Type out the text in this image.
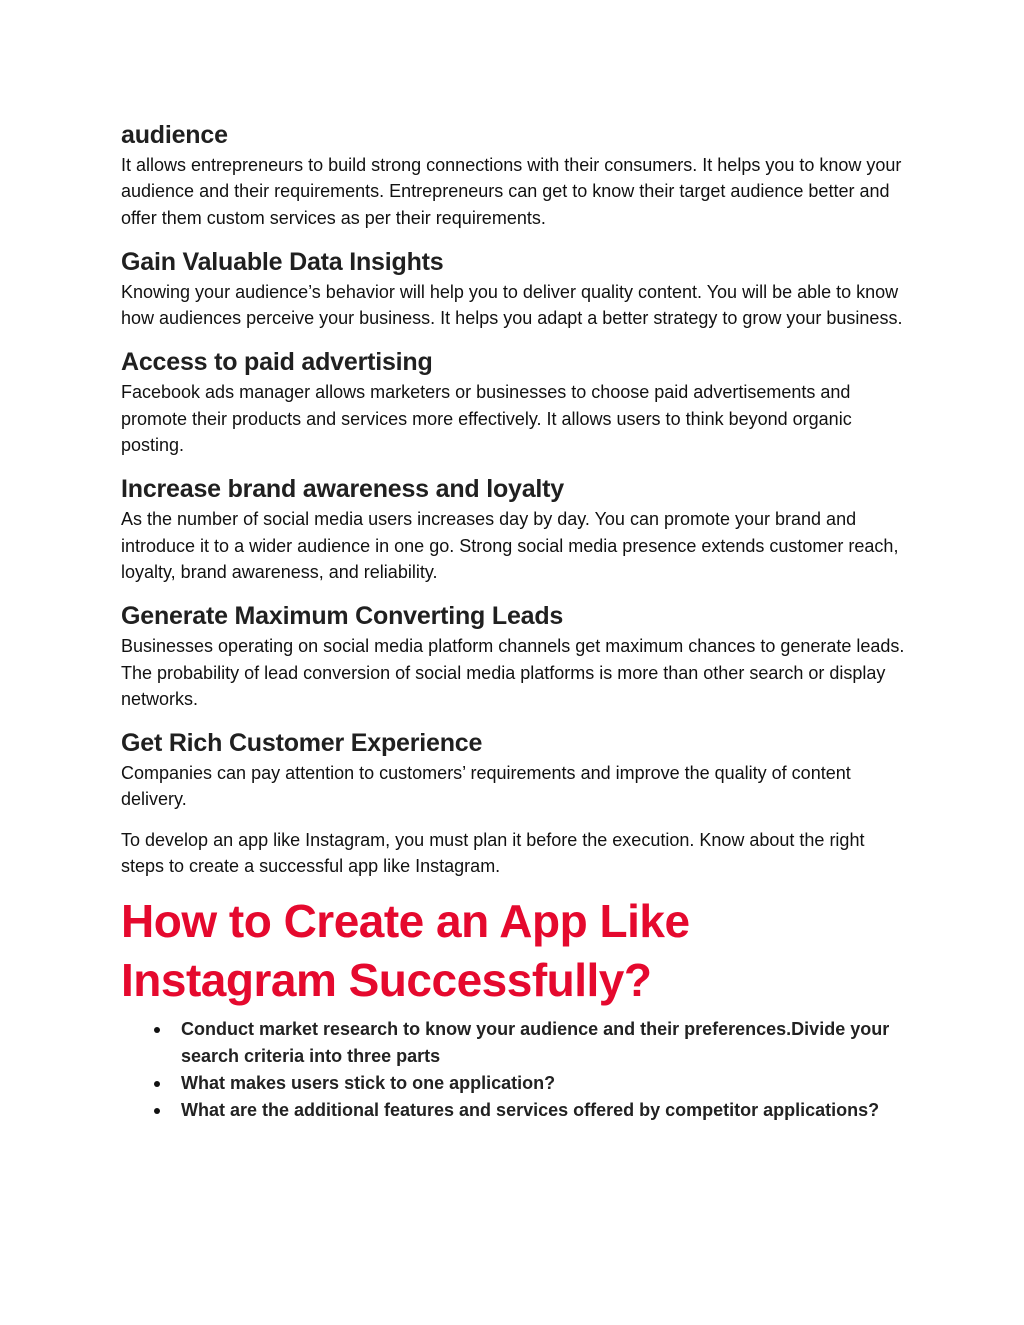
audience

It allows entrepreneurs to build strong connections with their consumers. It helps you to know your audience and their requirements. Entrepreneurs can get to know their target audience better and offer them custom services as per their requirements.

Gain Valuable Data Insights

Knowing your audience’s behavior will help you to deliver quality content. You will be able to know how audiences perceive your business. It helps you adapt a better strategy to grow your business.

Access to paid advertising

Facebook ads manager allows marketers or businesses to choose paid advertisements and promote their products and services more effectively. It allows users to think beyond organic posting.

Increase brand awareness and loyalty

As the number of social media users increases day by day. You can promote your brand and introduce it to a wider audience in one go. Strong social media presence extends customer reach, loyalty, brand awareness, and reliability.

Generate Maximum Converting Leads

Businesses operating on social media platform channels get maximum chances to generate leads. The probability of lead conversion of social media platforms is more than other search or display networks.

Get Rich Customer Experience

Companies can pay attention to customers’ requirements and improve the quality of content delivery.

To develop an app like Instagram, you must plan it before the execution. Know about the right steps to create a successful app like Instagram.

How to Create an App Like Instagram Successfully?
Conduct market research to know your audience and their preferences.Divide your search criteria into three parts
What makes users stick to one application?
What are the additional features and services offered by competitor applications?
